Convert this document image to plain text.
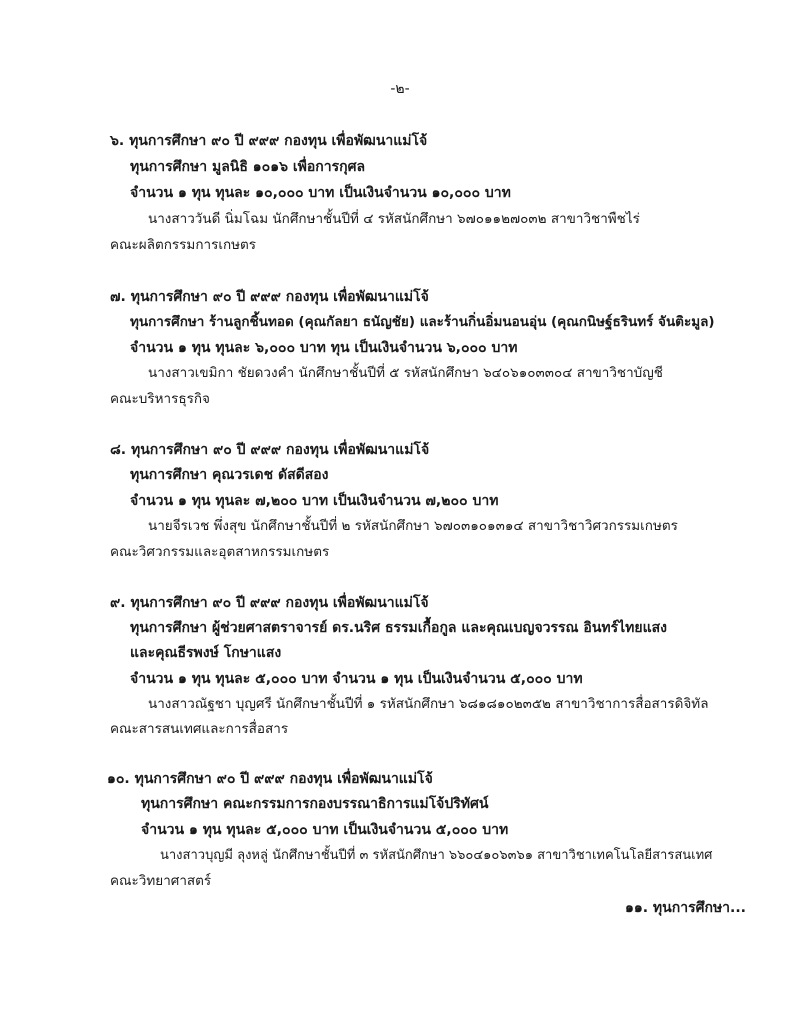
-๒-
๖. ทุนการศึกษา ๙๐ ปี ๙๙๙ กองทุน เพื่อพัฒนาแม่โจ้
ทุนการศึกษา มูลนิธิ ๑๐๑๖ เพื่อการกุศล
จำนวน ๑ ทุน ทุนละ ๑๐,๐๐๐ บาท เป็นเงินจำนวน ๑๐,๐๐๐ บาท
นางสาววันดี นิ่มโฉม นักศึกษาชั้นปีที่ ๔ รหัสนักศึกษา ๖๗๐๑๑๒๗๐๓๒ สาขาวิชาพืชไร่
คณะผลิตกรรมการเกษตร
๗. ทุนการศึกษา ๙๐ ปี ๙๙๙ กองทุน เพื่อพัฒนาแม่โจ้
ทุนการศึกษา ร้านลูกชิ้นทอด (คุณกัลยา ธนัญชัย) และร้านกิ่นอิ่มนอนอุ่น (คุณกนิษฐ์ธรินทร์ จันติะมูล)
จำนวน ๑ ทุน ทุนละ ๖,๐๐๐ บาท ทุน เป็นเงินจำนวน ๖,๐๐๐ บาท
นางสาวเขมิกา ชัยดวงคำ นักศึกษาชั้นปีที่ ๕ รหัสนักศึกษา ๖๔๐๖๑๐๓๓๐๔ สาขาวิชาบัญชี
คณะบริหารธุรกิจ
๘. ทุนการศึกษา ๙๐ ปี ๙๙๙ กองทุน เพื่อพัฒนาแม่โจ้
ทุนการศึกษา คุณวรเดช ดัสดีสอง
จำนวน ๑ ทุน ทุนละ ๗,๒๐๐ บาท เป็นเงินจำนวน ๗,๒๐๐ บาท
นายจีรเวช พึ่งสุข นักศึกษาชั้นปีที่ ๒ รหัสนักศึกษา ๖๗๐๓๑๐๑๓๑๔ สาขาวิชาวิศวกรรมเกษตร
คณะวิศวกรรมและอุตสาหกรรมเกษตร
๙. ทุนการศึกษา ๙๐ ปี ๙๙๙ กองทุน เพื่อพัฒนาแม่โจ้
ทุนการศึกษา ผู้ช่วยศาสตราจารย์ ดร.นริศ ธรรมเกื้อกูล และคุณเบญจวรรณ อินทร์ไทยแสง
และคุณธีรพงษ์ โกษาแสง
จำนวน ๑ ทุน ทุนละ ๕,๐๐๐ บาท จำนวน ๑ ทุน เป็นเงินจำนวน ๕,๐๐๐ บาท
นางสาวณัฐชา บุญศรี นักศึกษาชั้นปีที่ ๑ รหัสนักศึกษา ๖๘๑๘๑๐๒๓๕๒ สาขาวิชาการสื่อสารดิจิทัล
คณะสารสนเทศและการสื่อสาร
๑๐. ทุนการศึกษา ๙๐ ปี ๙๙๙ กองทุน เพื่อพัฒนาแม่โจ้
ทุนการศึกษา คณะกรรมการกองบรรณาธิการแม่โจ้ปริทัศน์
จำนวน ๑ ทุน ทุนละ ๕,๐๐๐ บาท เป็นเงินจำนวน ๕,๐๐๐ บาท
นางสาวบุญมี ลุงหลู่ นักศึกษาชั้นปีที่ ๓ รหัสนักศึกษา ๖๖๐๔๑๐๖๓๖๑ สาขาวิชาเทคโนโลยีสารสนเทศ
คณะวิทยาศาสตร์
๑๑. ทุนการศึกษา...
